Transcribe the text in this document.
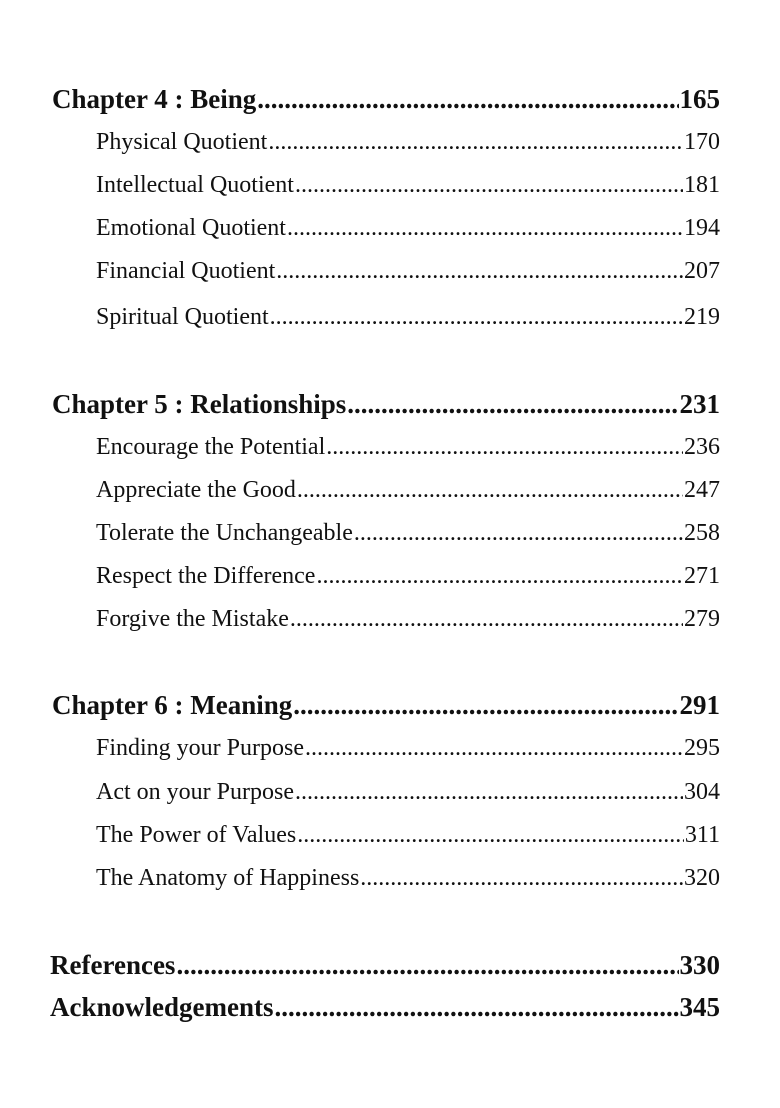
Chapter 4 : Being .....	165
Physical Quotient .....	170
Intellectual Quotient .....	181
Emotional Quotient .....	194
Financial Quotient .....	207
Spiritual Quotient .....	219
Chapter 5 : Relationships .....	231
Encourage the Potential .....	236
Appreciate the Good .....	247
Tolerate the Unchangeable .....	258
Respect the Difference .....	271
Forgive the Mistake .....	279
Chapter 6 : Meaning .....	291
Finding your Purpose .....	295
Act on your Purpose .....	304
The Power of Values .....	311
The Anatomy of Happiness .....	320
References .....	330
Acknowledgements .....	345
